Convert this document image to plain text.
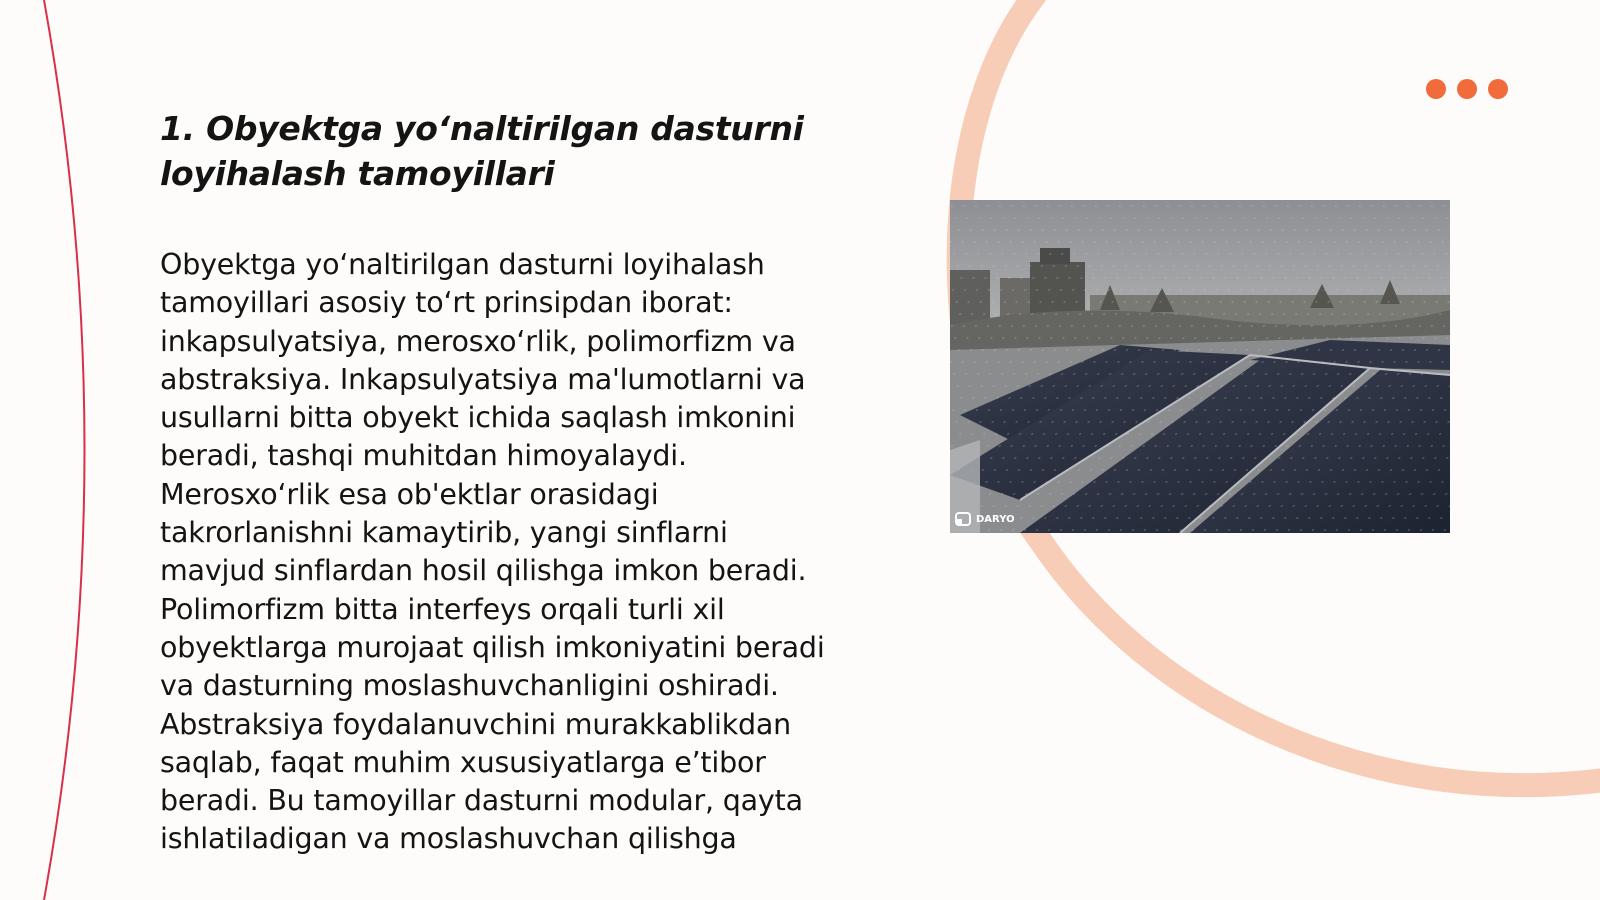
1. Obyektga yo‘naltirilgan dasturni loyihalash tamoyillari

Obyektga yo‘naltirilgan dasturni loyihalash tamoyillari asosiy to‘rt prinsipdan iborat: inkapsulyatsiya, merosxo‘rlik, polimorfizm va abstraksiya. Inkapsulyatsiya ma'lumotlarni va usullarni bitta obyekt ichida saqlash imkonini beradi, tashqi muhitdan himoyalaydi. Merosxo‘rlik esa ob'ektlar orasidagi takrorlanishni kamaytirib, yangi sinflarni mavjud sinflardan hosil qilishga imkon beradi. Polimorfizm bitta interfeys orqali turli xil obyektlarga murojaat qilish imkoniyatini beradi va dasturning moslashuvchanligini oshiradi. Abstraksiya foydalanuvchini murakkablikdan saqlab, faqat muhim xususiyatlarga e’tibor beradi. Bu tamoyillar dasturni modular, qayta ishlatiladigan va moslashuvchan qilishga

DARYO
